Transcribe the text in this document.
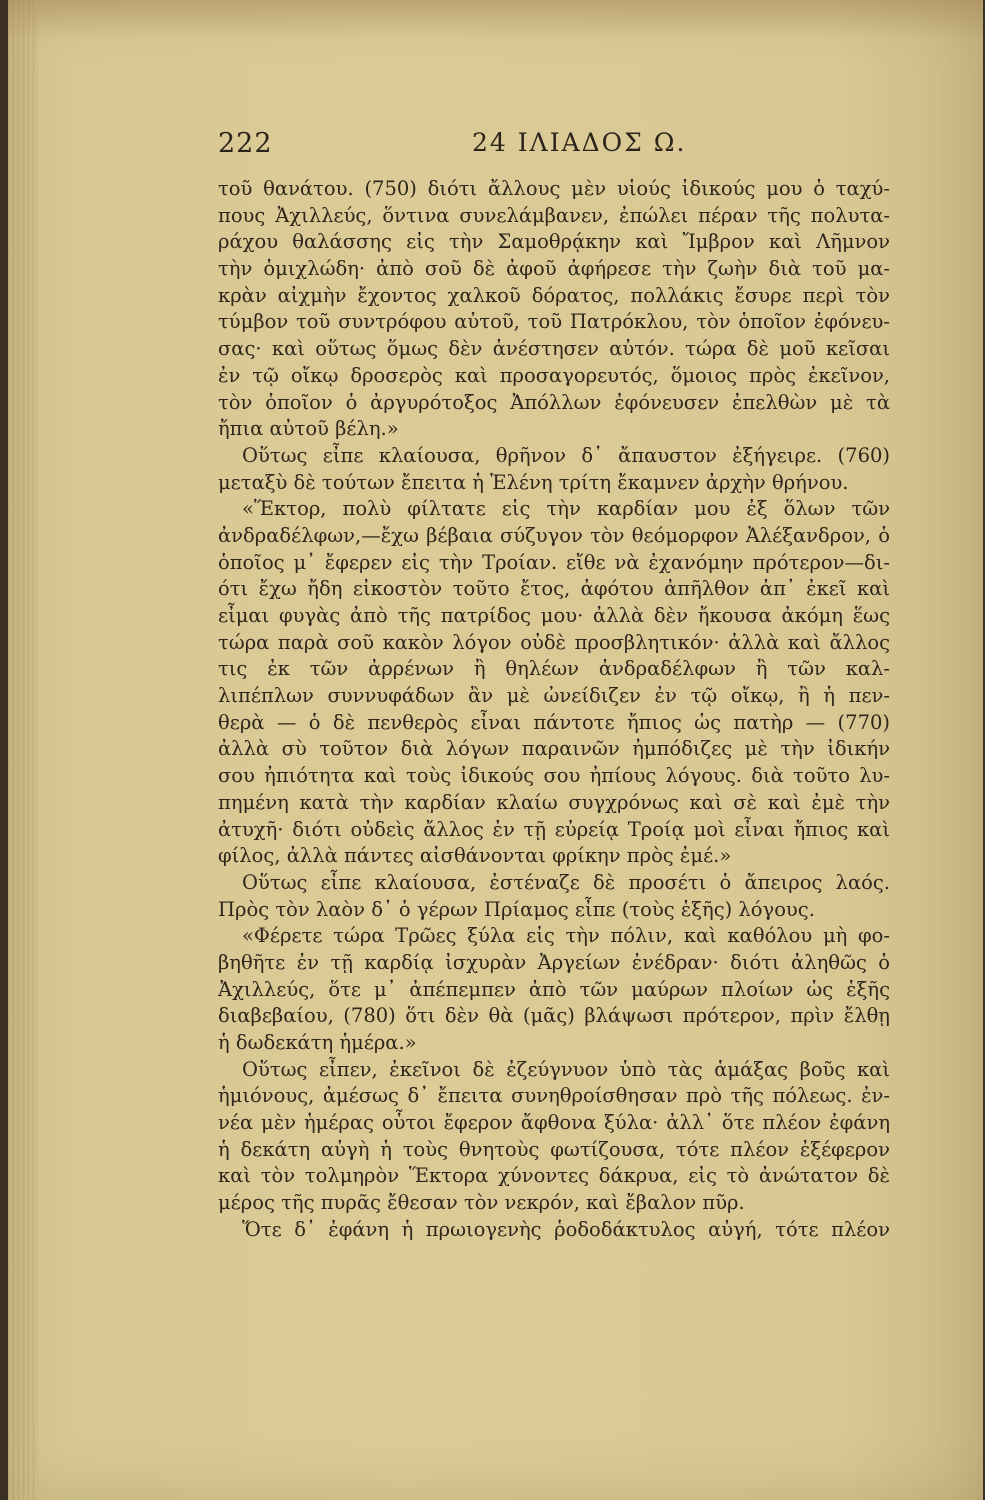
222	24 ΙΛΙΑΔΟΣ Ω.
τοῦ θανάτου. (750) διότι ἄλλους μὲν υἱούς ἰδικούς μου ὁ ταχύ-
πους Ἀχιλλεύς, ὅντινα συνελάμβανεν, ἐπώλει πέραν τῆς πολυτα-
ράχου θαλάσσης εἰς τὴν Σαμοθρᾴκην καὶ Ἴμβρον καὶ Λῆμνον
τὴν ὁμιχλώδη· ἀπὸ σοῦ δὲ ἀφοῦ ἀφήρεσε τὴν ζωὴν διὰ τοῦ μα-
κρὰν αἰχμὴν ἔχοντος χαλκοῦ δόρατος, πολλάκις ἔσυρε περὶ τὸν
τύμβον τοῦ συντρόφου αὐτοῦ, τοῦ Πατρόκλου, τὸν ὁποῖον ἐφόνευ-
σας· καὶ οὕτως ὅμως δὲν ἀνέστησεν αὐτόν. τώρα δὲ μοῦ κεῖσαι
ἐν τῷ οἴκῳ δροσερὸς καὶ προσαγορευτός, ὅμοιος πρὸς ἐκεῖνον,
τὸν ὁποῖον ὁ ἀργυρότοξος Ἀπόλλων ἐφόνευσεν ἐπελθὼν μὲ τὰ
ἤπια αὐτοῦ βέλη.»
Οὕτως εἶπε κλαίουσα, θρῆνον δ᾽ ἄπαυστον ἐξήγειρε. (760)
μεταξὺ δὲ τούτων ἔπειτα ἡ Ἑλένη τρίτη ἔκαμνεν ἀρχὴν θρήνου.
«Ἕκτορ, πολὺ φίλτατε εἰς τὴν καρδίαν μου ἐξ ὅλων τῶν
ἀνδραδέλφων,—ἔχω βέβαια σύζυγον τὸν θεόμορφον Ἀλέξανδρον, ὁ
ὁποῖος μ᾽ ἔφερεν εἰς τὴν Τροίαν. εἴθε νὰ ἐχανόμην πρότερον—δι-
ότι ἔχω ἤδη εἰκοστὸν τοῦτο ἔτος, ἀφότου ἀπῆλθον ἀπ᾽ ἐκεῖ καὶ
εἶμαι φυγὰς ἀπὸ τῆς πατρίδος μου· ἀλλὰ δὲν ἤκουσα ἀκόμη ἕως
τώρα παρὰ σοῦ κακὸν λόγον οὐδὲ προσβλητικόν· ἀλλὰ καὶ ἄλλος
τις ἐκ τῶν ἀρρένων ἢ θηλέων ἀνδραδέλφων ἢ τῶν καλ-
λιπέπλων συννυφάδων ἂν μὲ ὠνείδιζεν ἐν τῷ οἴκῳ, ἢ ἡ πεν-
θερὰ — ὁ δὲ πενθερὸς εἶναι πάντοτε ἤπιος ὡς πατὴρ — (770)
ἀλλὰ σὺ τοῦτον διὰ λόγων παραινῶν ἠμπόδιζες μὲ τὴν ἰδικήν
σου ἠπιότητα καὶ τοὺς ἰδικούς σου ἠπίους λόγους. διὰ τοῦτο λυ-
πημένη κατὰ τὴν καρδίαν κλαίω συγχρόνως καὶ σὲ καὶ ἐμὲ τὴν
ἀτυχῆ· διότι οὐδεὶς ἄλλος ἐν τῇ εὐρείᾳ Τροίᾳ μοὶ εἶναι ἤπιος καὶ
φίλος, ἀλλὰ πάντες αἰσθάνονται φρίκην πρὸς ἐμέ.»
Οὕτως εἶπε κλαίουσα, ἐστέναζε δὲ προσέτι ὁ ἄπειρος λαός.
Πρὸς τὸν λαὸν δ᾽ ὁ γέρων Πρίαμος εἶπε (τοὺς ἑξῆς) λόγους.
«Φέρετε τώρα Τρῶες ξύλα εἰς τὴν πόλιν, καὶ καθόλου μὴ φο-
βηθῆτε ἐν τῇ καρδίᾳ ἰσχυρὰν Ἀργείων ἐνέδραν· διότι ἀληθῶς ὁ
Ἀχιλλεύς, ὅτε μ᾽ ἀπέπεμπεν ἀπὸ τῶν μαύρων πλοίων ὡς ἑξῆς
διαβεβαίου, (780) ὅτι δὲν θὰ (μᾶς) βλάψωσι πρότερον, πρὶν ἔλθῃ
ἡ δωδεκάτη ἡμέρα.»
Οὕτως εἶπεν, ἐκεῖνοι δὲ ἐζεύγνυον ὑπὸ τὰς ἁμάξας βοῦς καὶ
ἡμιόνους, ἀμέσως δ᾽ ἔπειτα συνηθροίσθησαν πρὸ τῆς πόλεως. ἐν-
νέα μὲν ἡμέρας οὗτοι ἔφερον ἄφθονα ξύλα· ἀλλ᾽ ὅτε πλέον ἐφάνη
ἡ δεκάτη αὐγὴ ἡ τοὺς θνητοὺς φωτίζουσα, τότε πλέον ἐξέφερον
καὶ τὸν τολμηρὸν Ἕκτορα χύνοντες δάκρυα, εἰς τὸ ἀνώτατον δὲ
μέρος τῆς πυρᾶς ἔθεσαν τὸν νεκρόν, καὶ ἔβαλον πῦρ.
Ὅτε δ᾽ ἐφάνη ἡ πρωιογενὴς ῥοδοδάκτυλος αὐγή, τότε πλέον
